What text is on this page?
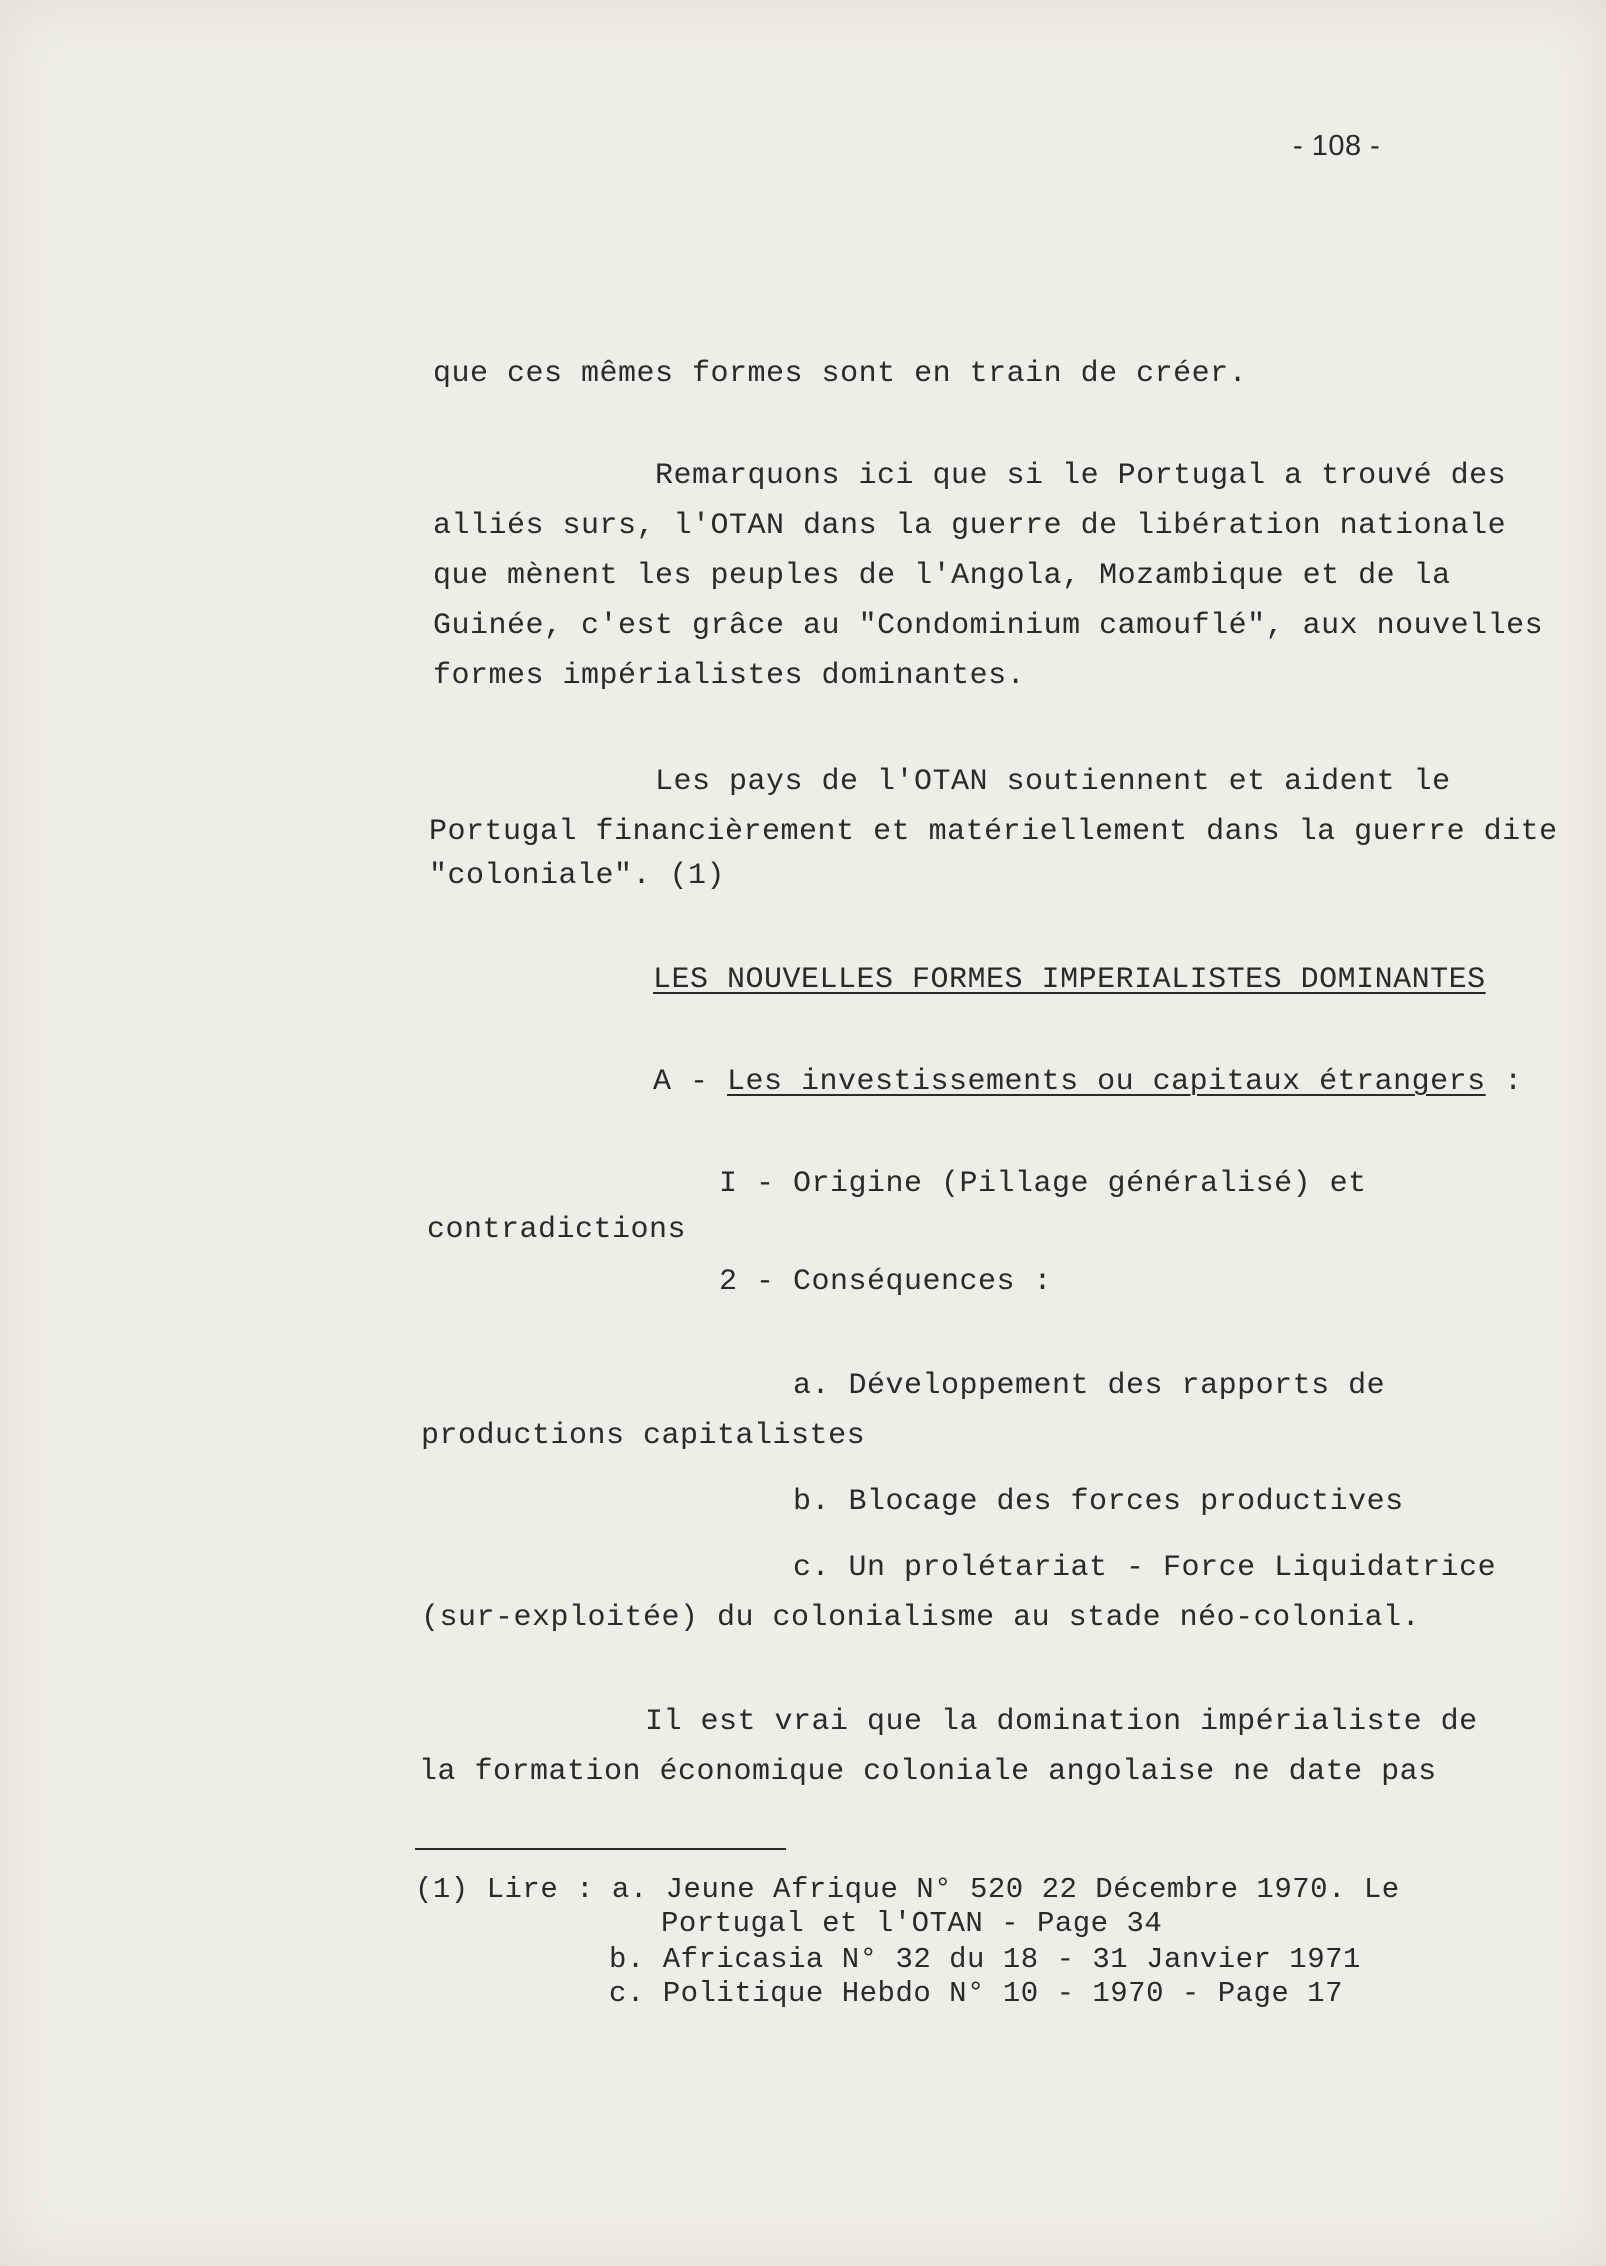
- 108 -
que ces mêmes formes sont en train de créer.
Remarquons ici que si le Portugal a trouvé des
alliés surs, l'OTAN dans la guerre de libération nationale
que mènent les peuples de l'Angola, Mozambique et de la
Guinée, c'est grâce au "Condominium camouflé", aux nouvelles
formes impérialistes dominantes.
Les pays de l'OTAN soutiennent et aident le
Portugal financièrement et matériellement dans la guerre dite
"coloniale". (1)
LES NOUVELLES FORMES IMPERIALISTES DOMINANTES
A - Les investissements ou capitaux étrangers :
I - Origine (Pillage généralisé) et
contradictions
2 - Conséquences :
a. Développement des rapports de
productions capitalistes
b. Blocage des forces productives
c. Un prolétariat - Force Liquidatrice
(sur-exploitée) du colonialisme au stade néo-colonial.
Il est vrai que la domination impérialiste de
la formation économique coloniale angolaise ne date pas
(1) Lire : a. Jeune Afrique N° 520 22 Décembre 1970. Le
Portugal et l'OTAN - Page 34
b. Africasia N° 32 du 18 - 31 Janvier 1971
c. Politique Hebdo N° 10 - 1970 - Page 17
